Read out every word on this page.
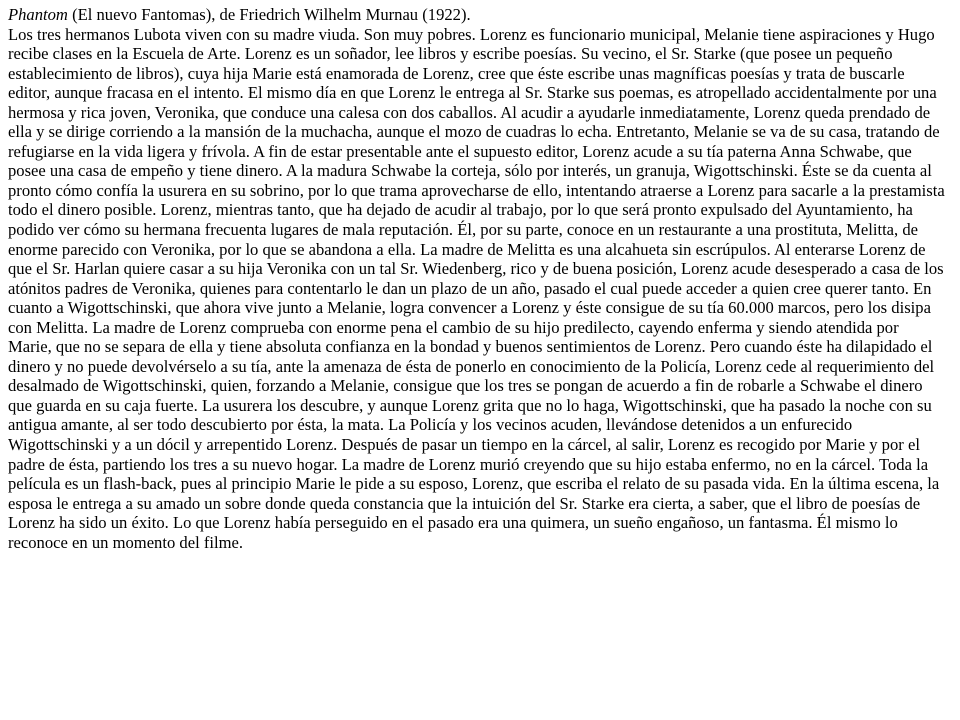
Phantom (El nuevo Fantomas), de Friedrich Wilhelm Murnau (1922).

Los tres hermanos Lubota viven con su madre viuda. Son muy pobres. Lorenz es funcionario municipal, Melanie tiene aspiraciones y Hugo recibe clases en la Escuela de Arte. Lorenz es un soñador, lee libros y escribe poesías. Su vecino, el Sr. Starke (que posee un pequeño establecimiento de libros), cuya hija Marie está enamorada de Lorenz, cree que éste escribe unas magníficas poesías y trata de buscarle editor, aunque fracasa en el intento. El mismo día en que Lorenz le entrega al Sr. Starke sus poemas, es atropellado accidentalmente por una hermosa y rica joven, Veronika, que conduce una calesa con dos caballos. Al acudir a ayudarle inmediatamente, Lorenz queda prendado de ella y se dirige corriendo a la mansión de la muchacha, aunque el mozo de cuadras lo echa. Entretanto, Melanie se va de su casa, tratando de refugiarse en la vida ligera y frívola. A fin de estar presentable ante el supuesto editor, Lorenz acude a su tía paterna Anna Schwabe, que posee una casa de empeño y tiene dinero. A la madura Schwabe la corteja, sólo por interés, un granuja, Wigottschinski. Éste se da cuenta al pronto cómo confía la usurera en su sobrino, por lo que trama aprovecharse de ello, intentando atraerse a Lorenz para sacarle a la prestamista todo el dinero posible. Lorenz, mientras tanto, que ha dejado de acudir al trabajo, por lo que será pronto expulsado del Ayuntamiento, ha podido ver cómo su hermana frecuenta lugares de mala reputación. Él, por su parte, conoce en un restaurante a una prostituta, Melitta, de enorme parecido con Veronika, por lo que se abandona a ella. La madre de Melitta es una alcahueta sin escrúpulos. Al enterarse Lorenz de que el Sr. Harlan quiere casar a su hija Veronika con un tal Sr. Wiedenberg, rico y de buena posición, Lorenz acude desesperado a casa de los atónitos padres de Veronika, quienes para contentarlo le dan un plazo de un año, pasado el cual puede acceder a quien cree querer tanto. En cuanto a Wigottschinski, que ahora vive junto a Melanie, logra convencer a Lorenz y éste consigue de su tía 60.000 marcos, pero los disipa con Melitta. La madre de Lorenz comprueba con enorme pena el cambio de su hijo predilecto, cayendo enferma y siendo atendida por Marie, que no se separa de ella y tiene absoluta confianza en la bondad y buenos sentimientos de Lorenz. Pero cuando éste ha dilapidado el dinero y no puede devolvérselo a su tía, ante la amenaza de ésta de ponerlo en conocimiento de la Policía, Lorenz cede al requerimiento del desalmado de Wigottschinski, quien, forzando a Melanie, consigue que los tres se pongan de acuerdo a fin de robarle a Schwabe el dinero que guarda en su caja fuerte. La usurera los descubre, y aunque Lorenz grita que no lo haga, Wigottschinski, que ha pasado la noche con su antigua amante, al ser todo descubierto por ésta, la mata. La Policía y los vecinos acuden, llevándose detenidos a un enfurecido Wigottschinski y a un dócil y arrepentido Lorenz. Después de pasar un tiempo en la cárcel, al salir, Lorenz es recogido por Marie y por el padre de ésta, partiendo los tres a su nuevo hogar. La madre de Lorenz murió creyendo que su hijo estaba enfermo, no en la cárcel. Toda la película es un flash-back, pues al principio Marie le pide a su esposo, Lorenz, que escriba el relato de su pasada vida. En la última escena, la esposa le entrega a su amado un sobre donde queda constancia que la intuición del Sr. Starke era cierta, a saber, que el libro de poesías de Lorenz ha sido un éxito. Lo que Lorenz había perseguido en el pasado era una quimera, un sueño engañoso, un fantasma. Él mismo lo reconoce en un momento del filme.
